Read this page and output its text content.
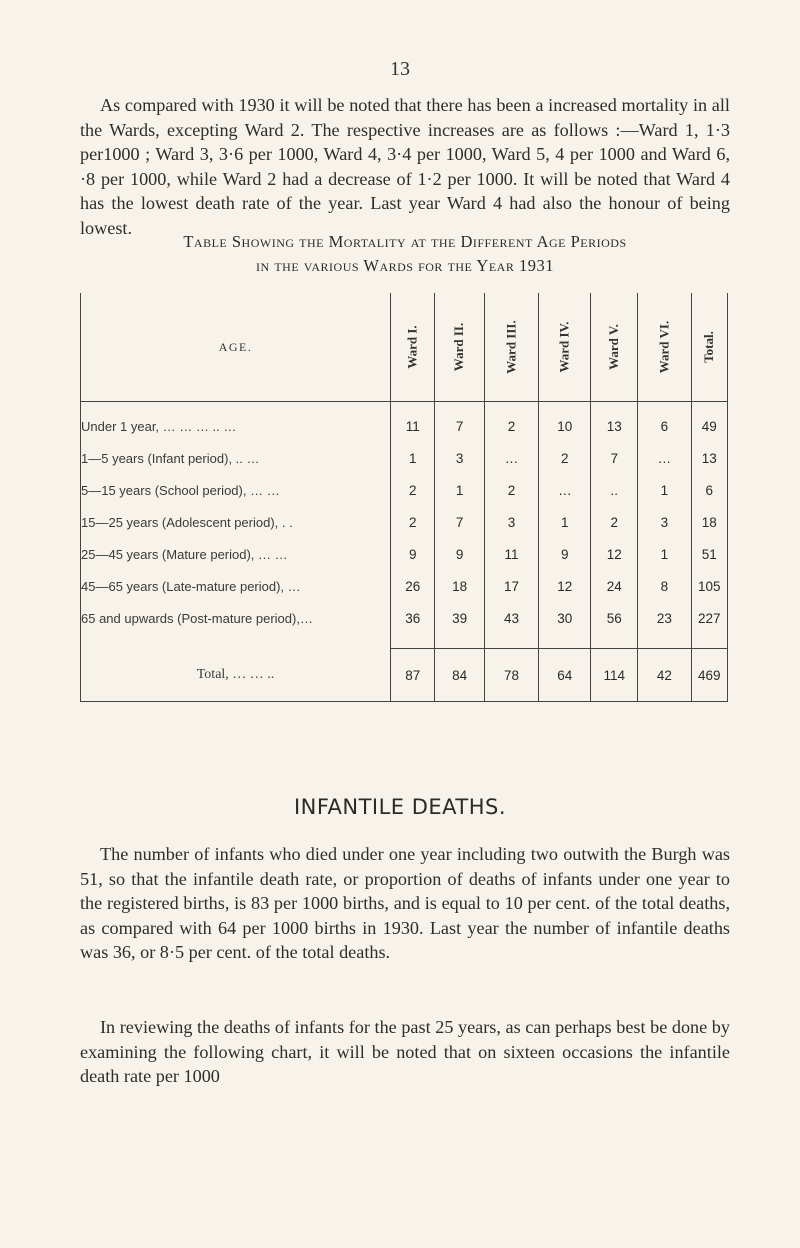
13

As compared with 1930 it will be noted that there has been a increased mortality in all the Wards, excepting Ward 2. The respective increases are as follows :—Ward 1, 1·3 per1000 ; Ward 3, 3·6 per 1000, Ward 4, 3·4 per 1000, Ward 5, 4 per 1000 and Ward 6, ·8 per 1000, while Ward 2 had a decrease of 1·2 per 1000. It will be noted that Ward 4 has the lowest death rate of the year. Last year Ward 4 had also the honour of being lowest.

Table Showing the Mortality at the Different Age Periods
in the various Wards for the Year 1931
AGE.	Ward I.	Ward II.	Ward III.	Ward IV.	Ward V.	Ward VI.	Total.
Under 1 year, … … … .. …	11	7	2	10	13	6	49
1—5 years (Infant period), .. …	1	3	…	2	7	…	13
5—15 years (School period), … …	2	1	2	…	..	1	6
15—25 years (Adolescent period), . .	2	7	3	1	2	3	18
25—45 years (Mature period), … …	9	9	11	9	12	1	51
45—65 years (Late-mature period), …	26	18	17	12	24	8	105
65 and upwards (Post-mature period),…	36	39	43	30	56	23	227

Total, … … ..	87	84	78	64	114	42	469
INFANTILE DEATHS.

The number of infants who died under one year including two outwith the Burgh was 51, so that the infantile death rate, or proportion of deaths of infants under one year to the registered births, is 83 per 1000 births, and is equal to 10 per cent. of the total deaths, as compared with 64 per 1000 births in 1930. Last year the number of infantile deaths was 36, or 8·5 per cent. of the total deaths.

In reviewing the deaths of infants for the past 25 years, as can perhaps best be done by examining the following chart, it will be noted that on sixteen occasions the infantile death rate per 1000
